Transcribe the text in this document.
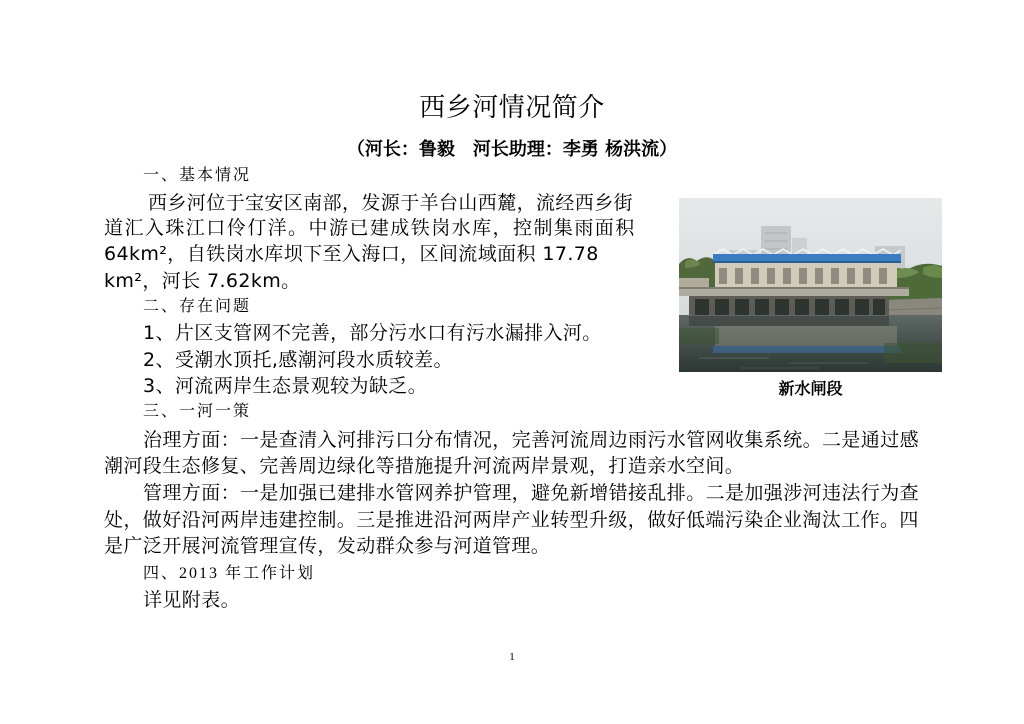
西乡河情况简介
（河长：鲁毅　河长助理：李勇 杨洪流）
一、基本情况
西乡河位于宝安区南部，发源于羊台山西麓，流经西乡街
道汇入珠江口伶仃洋。中游已建成铁岗水库，控制集雨面积
64km²，自铁岗水库坝下至入海口，区间流域面积 17.78
km²，河长 7.62km。
二、存在问题
1、片区支管网不完善，部分污水口有污水漏排入河。
2、受潮水顶托,感潮河段水质较差。
3、河流两岸生态景观较为缺乏。	新水闸段
三、一河一策
治理方面：一是查清入河排污口分布情况，完善河流周边雨污水管网收集系统。二是通过感
潮河段生态修复、完善周边绿化等措施提升河流两岸景观，打造亲水空间。
管理方面：一是加强已建排水管网养护管理，避免新增错接乱排。二是加强涉河违法行为查
处，做好沿河两岸违建控制。三是推进沿河两岸产业转型升级，做好低端污染企业淘汰工作。四
是广泛开展河流管理宣传，发动群众参与河道管理。
四、2013 年工作计划
详见附表。
1
